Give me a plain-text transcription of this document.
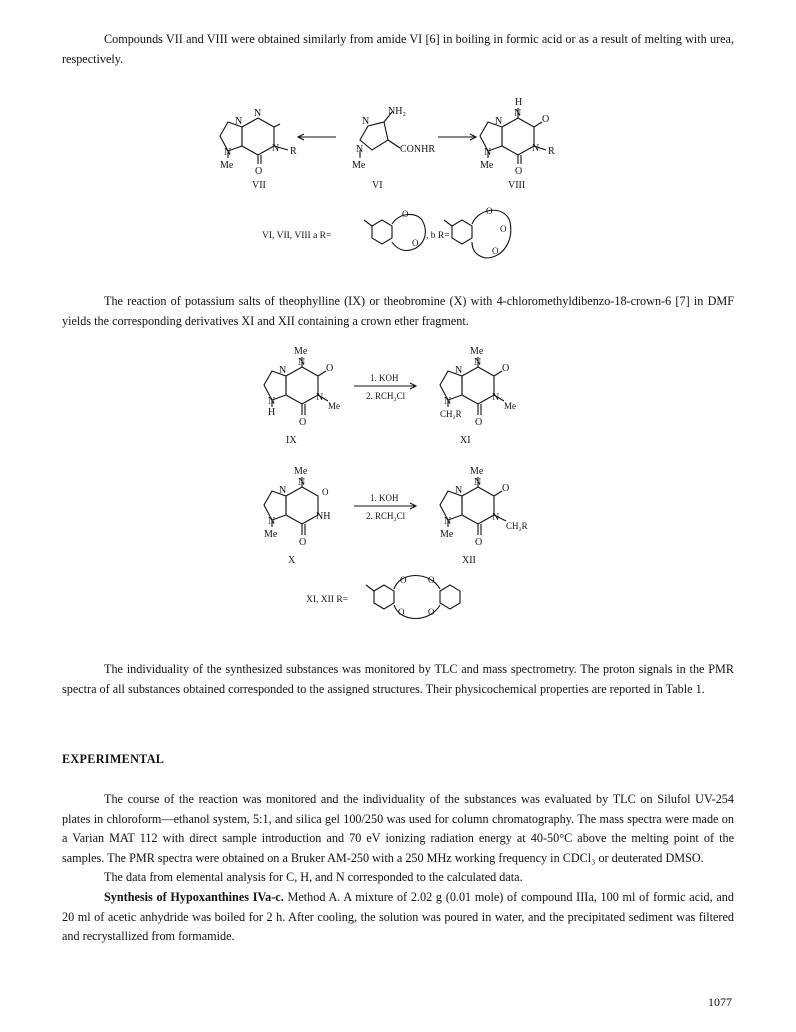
Compounds VII and VIII were obtained similarly from amide VI [6] in boiling in formic acid or as a result of melting with urea, respectively.

N
N
N	N R
Me
O
VII
N
NH₂
CONHR
N
Me
VI
H
N
O
N
N	N R
Me
O
VIII
VI, VII, VIII a R=	, b R=
O
O
O
O
O

The reaction of potassium salts of theophylline (IX) or theobromine (X) with 4-chloromethyldibenzo-18-crown-6 [7] in DMF yields the corresponding derivatives XI and XII containing a crown ether fragment.

Me
N
O
N
N	N
Me
H
O
IX
1. KOH
2. RCH₂Cl
Me
N
O
N
N	N
Me
CH₂R
O
XI
Me
N
O
N
N	NH
Me
O
X
1. KOH
2. RCH₂Cl
Me
N
O
N
N	N
CH₂R
Me
O
XII
XI, XII R=
O O
O	O

The individuality of the synthesized substances was monitored by TLC and mass spectrometry. The proton signals in the PMR spectra of all substances obtained corresponded to the assigned structures. Their physicochemical properties are reported in Table 1.

EXPERIMENTAL

The course of the reaction was monitored and the individuality of the substances was evaluated by TLC on Silufol UV-254 plates in chloroform—ethanol system, 5:1, and silica gel 100/250 was used for column chromatography. The mass spectra were made on a Varian MAT 112 with direct sample introduction and 70 eV ionizing radiation energy at 40-50°C above the melting point of the samples. The PMR spectra were obtained on a Bruker AM-250 with a 250 MHz working frequency in CDCl₃ or deuterated DMSO.

The data from elemental analysis for C, H, and N corresponded to the calculated data.

Synthesis of Hypoxanthines IVa-c. Method A. A mixture of 2.02 g (0.01 mole) of compound IIIa, 100 ml of formic acid, and 20 ml of acetic anhydride was boiled for 2 h. After cooling, the solution was poured in water, and the precipitated sediment was filtered and recrystallized from formamide.

1077
